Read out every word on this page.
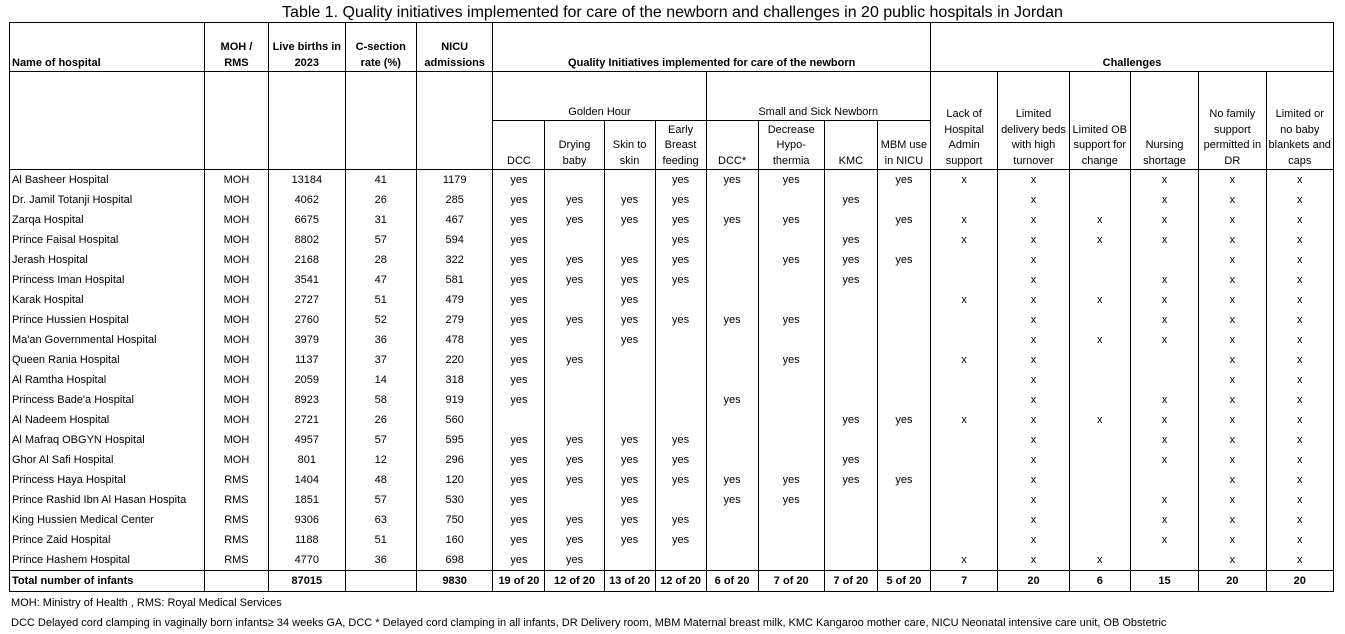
Table 1. Quality initiatives implemented for care of the newborn and challenges in 20 public hospitals in Jordan
Name of hospital	MOH / RMS	Live births in 2023	C-section rate (%)	NICU admissions	Quality Initiatives implemented for care of the newborn								Challenges					
					Golden Hour				Small and Sick Newborn				Lack of Hospital Admin support	Limited delivery beds with high turnover	Limited OB support for change	Nursing shortage	No family support permitted in DR	Limited or no baby blankets and caps
					DCC	Drying baby	Skin to skin	Early Breast feeding	DCC*	Decrease Hypo- thermia	KMC	MBM use in NICU						
Al Basheer Hospital	MOH	13184	41	1179	yes			yes	yes	yes		yes	x	x		x	x	x
Dr. Jamil Totanji Hospital	MOH	4062	26	285	yes	yes	yes	yes			yes			x		x	x	x
Zarqa Hospital	MOH	6675	31	467	yes	yes	yes	yes	yes	yes		yes	x	x	x	x	x	x
Prince Faisal Hospital	MOH	8802	57	594	yes			yes			yes		x	x	x	x	x	x
Jerash Hospital	MOH	2168	28	322	yes	yes	yes	yes		yes	yes	yes		x			x	x
Princess Iman Hospital	MOH	3541	47	581	yes	yes	yes	yes			yes			x		x	x	x
Karak Hospital	MOH	2727	51	479	yes		yes						x	x	x	x	x	x
Prince Hussien Hospital	MOH	2760	52	279	yes	yes	yes	yes	yes	yes				x		x	x	x
Ma'an Governmental Hospital	MOH	3979	36	478	yes		yes							x	x	x	x	x
Queen Rania Hospital	MOH	1137	37	220	yes	yes				yes			x	x			x	x
Al Ramtha Hospital	MOH	2059	14	318	yes									x			x	x
Princess Bade'a Hospital	MOH	8923	58	919	yes				yes					x		x	x	x
Al Nadeem Hospital	MOH	2721	26	560							yes	yes	x	x	x	x	x	x
Al Mafraq OBGYN Hospital	MOH	4957	57	595	yes	yes	yes	yes						x		x	x	x
Ghor Al Safi Hospital	MOH	801	12	296	yes	yes	yes	yes			yes			x		x	x	x
Princess Haya Hospital	RMS	1404	48	120	yes	yes	yes	yes	yes	yes	yes	yes		x			x	x
Prince Rashid Ibn Al Hasan Hospita	RMS	1851	57	530	yes		yes		yes	yes				x		x	x	x
King Hussien Medical Center	RMS	9306	63	750	yes	yes	yes	yes						x		x	x	x
Prince Zaid Hospital	RMS	1188	51	160	yes	yes	yes	yes						x		x	x	x
Prince Hashem Hospital	RMS	4770	36	698	yes	yes							x	x	x		x	x
Total number of infants		87015		9830	19 of 20	12 of 20	13 of 20	12 of 20	6 of 20	7 of 20	7 of 20	5 of 20	7	20	6	15	20	20
MOH: Ministry of Health , RMS: Royal Medical Services
DCC Delayed cord clamping in vaginally born infants≥ 34 weeks GA, DCC * Delayed cord clamping in all infants, DR Delivery room, MBM Maternal breast milk, KMC Kangaroo mother care, NICU Neonatal intensive care unit, OB Obstetric
